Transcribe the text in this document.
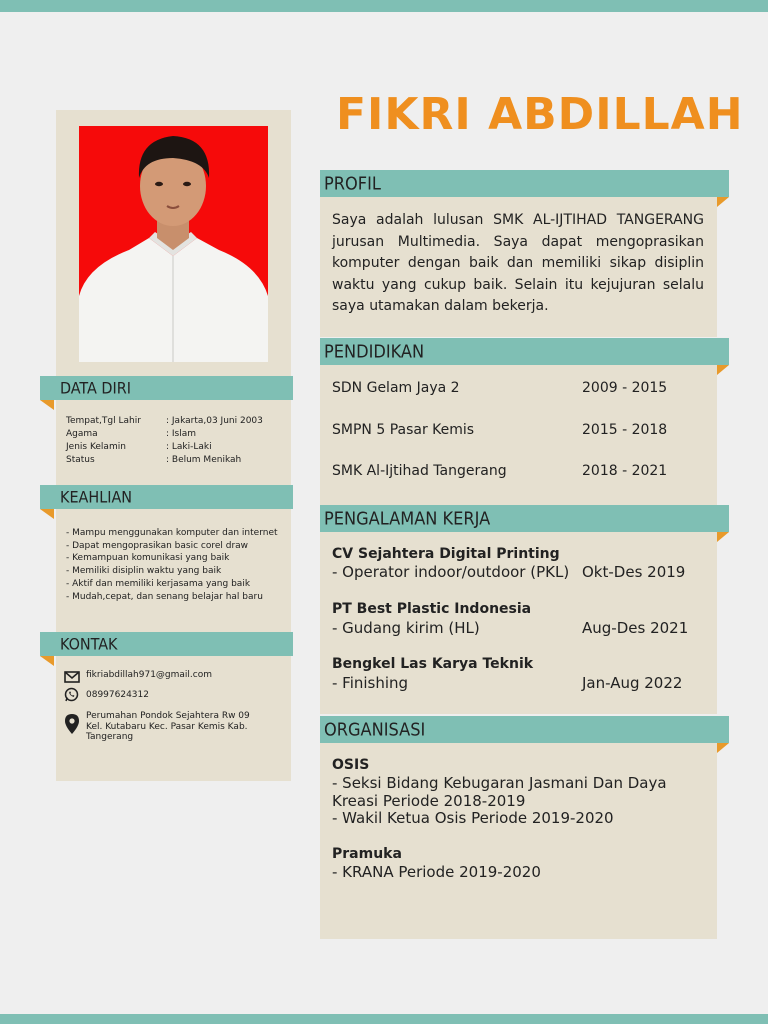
DATA DIRI
Tempat,Tgl Lahir	: Jakarta,03 Juni 2003
Agama	: Islam
Jenis Kelamin	: Laki-Laki
Status	: Belum Menikah
KEAHLIAN
- Mampu menggunakan komputer dan internet
- Dapat mengoprasikan basic corel draw
- Kemampuan komunikasi yang baik
- Memiliki disiplin waktu yang baik
- Aktif dan memiliki kerjasama yang baik
- Mudah,cepat, dan senang belajar hal baru
KONTAK
fikriabdillah971@gmail.com
08997624312
Perumahan Pondok Sejahtera Rw 09
Kel. Kutabaru Kec. Pasar Kemis Kab.
Tangerang
FIKRI ABDILLAH
PROFIL
Saya adalah lulusan SMK AL-IJTIHAD TANGERANG jurusan Multimedia. Saya dapat mengoprasikan komputer dengan baik dan memiliki sikap disiplin waktu yang cukup baik. Selain itu kejujuran selalu saya utamakan dalam bekerja.
PENDIDIKAN
SDN Gelam Jaya 2	2009 - 2015
SMPN 5 Pasar Kemis	2015 - 2018
SMK Al-Ijtihad Tangerang	2018 - 2021
PENGALAMAN KERJA
CV Sejahtera Digital Printing
- Operator indoor/outdoor (PKL) Okt-Des 2019
PT Best Plastic Indonesia
- Gudang kirim (HL)	Aug-Des 2021
Bengkel Las Karya Teknik
- Finishing	Jan-Aug 2022
ORGANISASI
OSIS
- Seksi Bidang Kebugaran Jasmani Dan Daya
Kreasi Periode 2018-2019
- Wakil Ketua Osis Periode 2019-2020
Pramuka
- KRANA Periode 2019-2020
